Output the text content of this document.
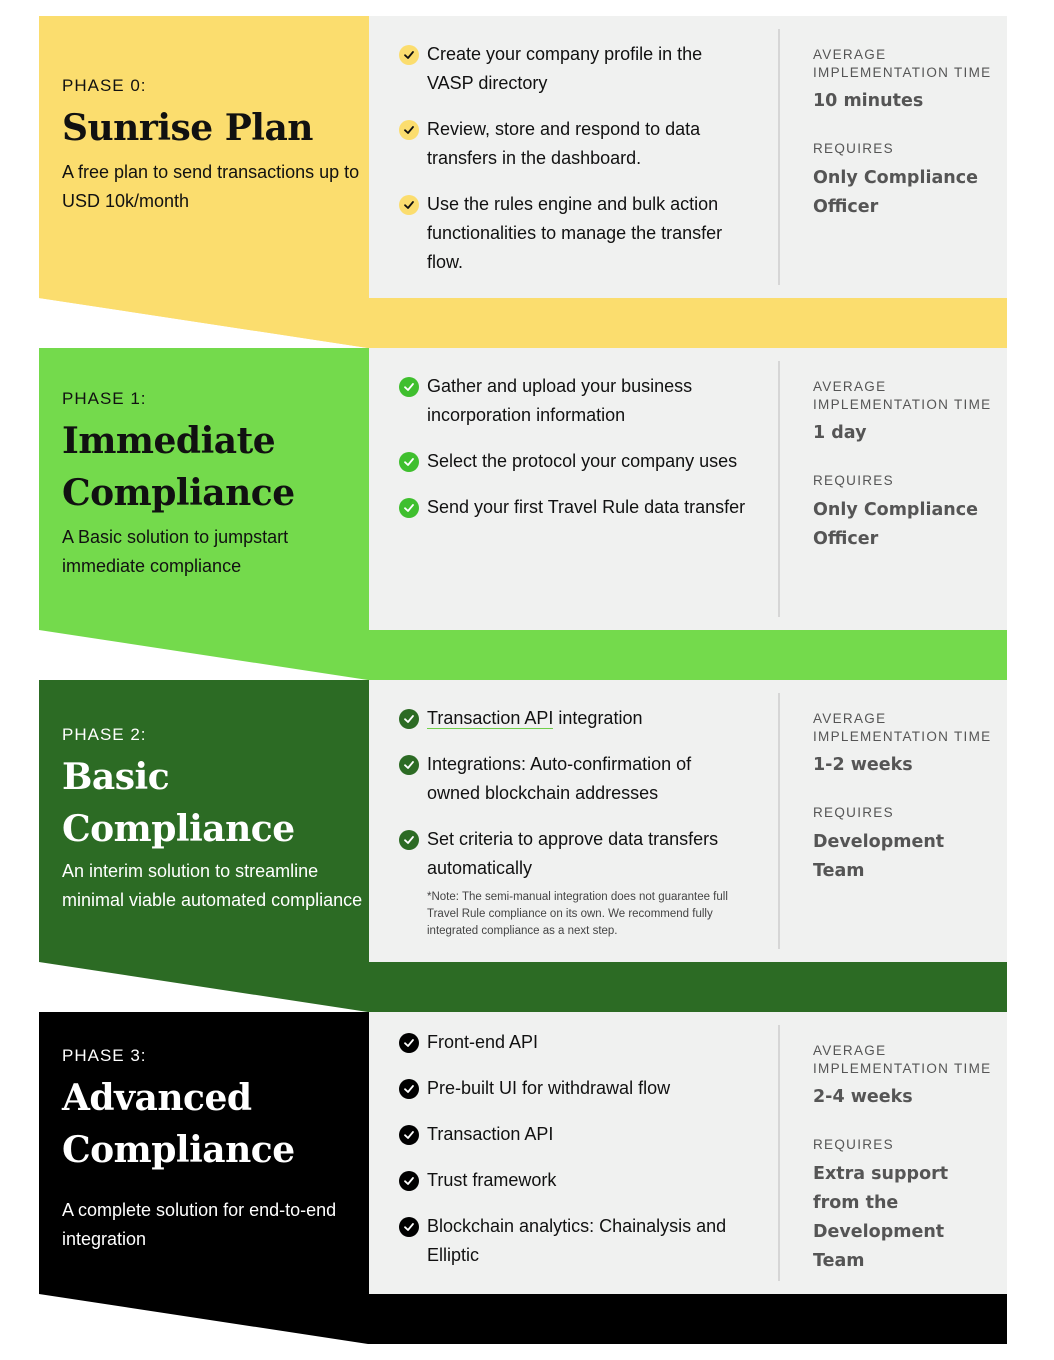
PHASE 0:
Sunrise Plan
A free plan to send transactions up to USD 10k/month
Create your company profile in the VASP directory
Review, store and respond to data transfers in the dashboard.
Use the rules engine and bulk action functionalities to manage the transfer flow.
AVERAGE IMPLEMENTATION TIME
10 minutes
REQUIRES
Only Compliance Officer
PHASE 1:
Immediate
Compliance
A Basic solution to jumpstart immediate compliance
Gather and upload your business incorporation information
Select the protocol your company uses
Send your first Travel Rule data transfer
AVERAGE IMPLEMENTATION TIME
1 day
REQUIRES
Only Compliance Officer
PHASE 2:
Basic
Compliance
An interim solution to streamline minimal viable automated compliance
Transaction API integration
Integrations: Auto-confirmation of owned blockchain addresses
Set criteria to approve data transfers automatically
*Note: The semi-manual integration does not guarantee full Travel Rule compliance on its own. We recommend fully integrated compliance as a next step.
AVERAGE IMPLEMENTATION TIME
1-2 weeks
REQUIRES
Development Team
PHASE 3:
Advanced
Compliance
A complete solution for end-to-end integration
Front-end API
Pre-built UI for withdrawal flow
Transaction API
Trust framework
Blockchain analytics: Chainalysis and Elliptic
AVERAGE IMPLEMENTATION TIME
2-4 weeks
REQUIRES
Extra support from the Development Team
